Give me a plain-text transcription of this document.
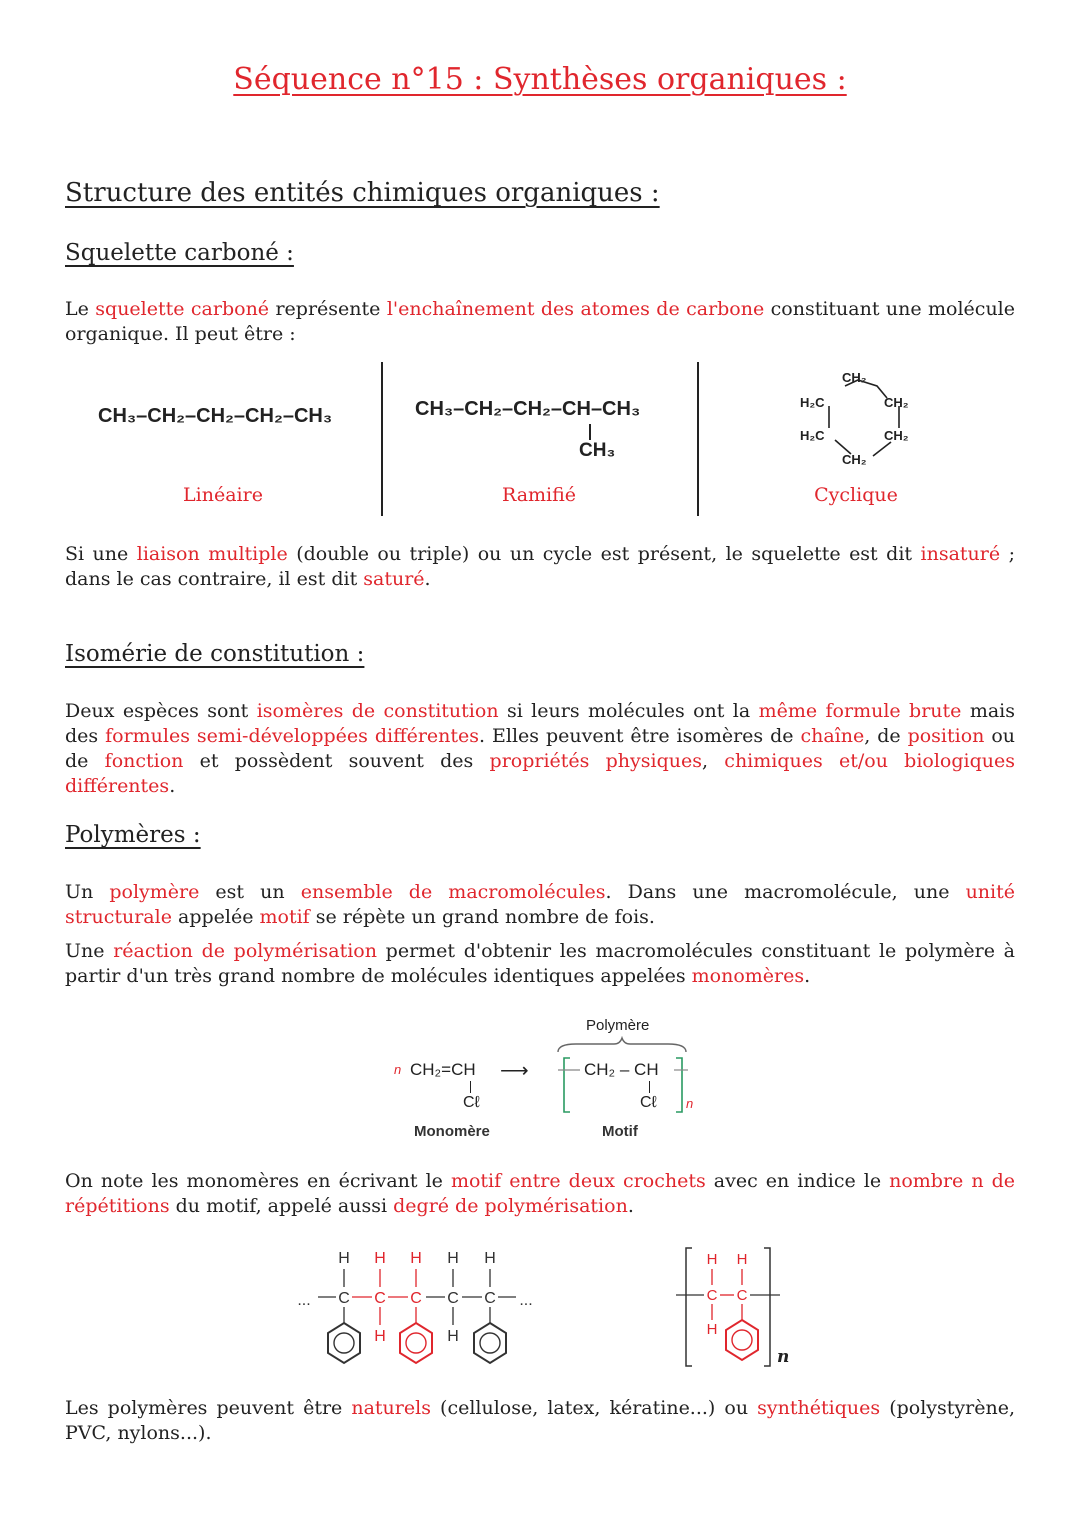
Séquence n°15 : Synthèses organiques :
Structure des entités chimiques organiques :
Squelette carboné :
Le squelette carboné représente l'enchaînement des atomes de carbone constituant une molécule organique. Il peut être :
CH₃–CH₂–CH₂–CH₂–CH₃	CH₃–CH₂–CH₂–CH–CH₃
CH₃
CH₂
H₂C	CH₂
H₂C	CH₂
CH₂
Linéaire	Ramifié	Cyclique
Si une liaison multiple (double ou triple) ou un cycle est présent, le squelette est dit insaturé ; dans le cas contraire, il est dit saturé.
Isomérie de constitution :
Deux espèces sont isomères de constitution si leurs molécules ont la même formule brute mais des formules semi-développées différentes. Elles peuvent être isomères de chaîne, de position ou de fonction et possèdent souvent des propriétés physiques, chimiques et/ou biologiques différentes.
Polymères :
Un polymère est un ensemble de macromolécules. Dans une macromolécule, une unité structurale appelée motif se répète un grand nombre de fois.
Une réaction de polymérisation permet d'obtenir les macromolécules constituant le polymère à partir d'un très grand nombre de molécules identiques appelées monomères.
Polymère
n CH₂=CH
Cℓ
⟶	CH₂ – CH
Cℓ n
Monomère	Motif
On note les monomères en écrivant le motif entre deux crochets avec en indice le nombre n de répétitions du motif, appelé aussi degré de polymérisation.
H H H H H
C C C C C
H	H
...	...
H H
C C
H
n
Les polymères peuvent être naturels (cellulose, latex, kératine...) ou synthétiques (polystyrène, PVC, nylons...).
